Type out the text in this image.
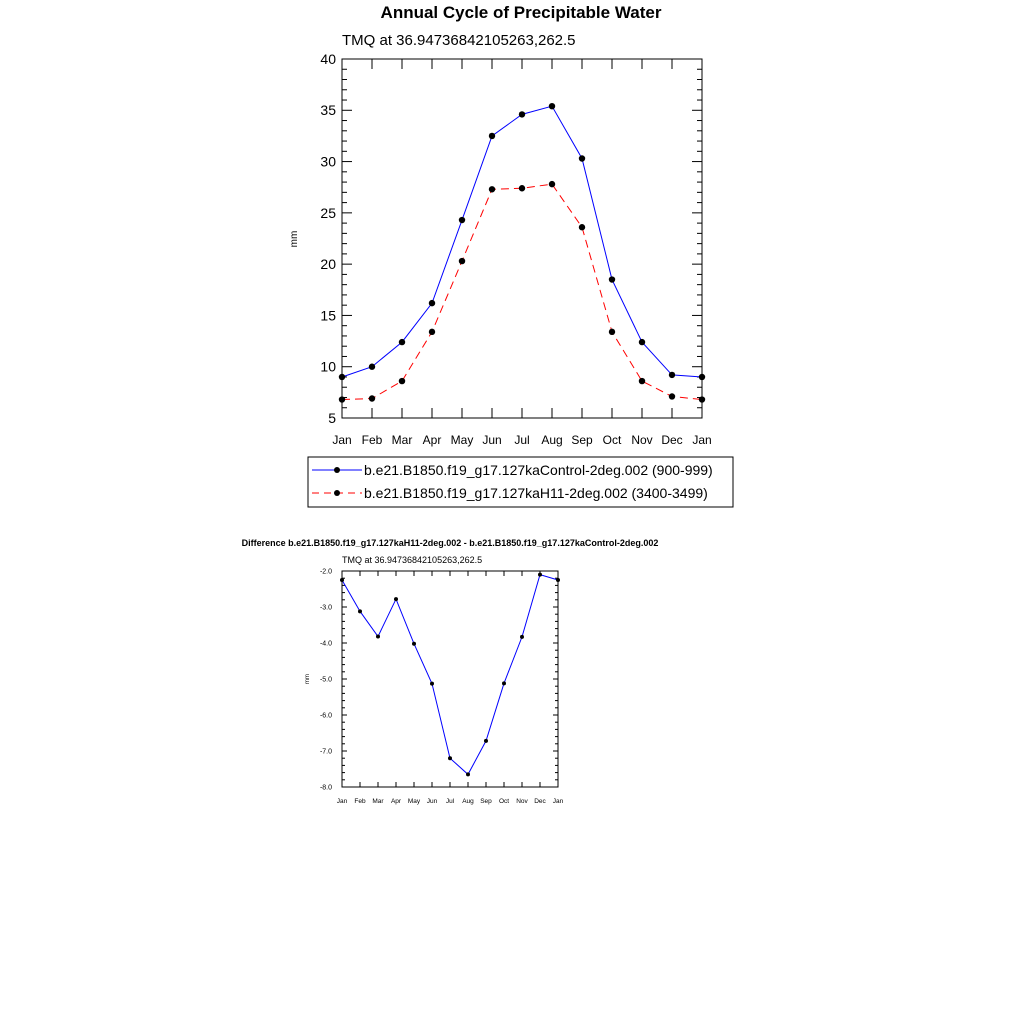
Annual Cycle of Precipitable Water
TMQ at 36.94736842105263,262.5
mm
Jan Feb Mar Apr May Jun Jul Aug Sep Oct Nov Dec Jan
5
10
15
20
25
30
35
40
b.e21.B1850.f19_g17.127kaControl-2deg.002 (900-999)
b.e21.B1850.f19_g17.127kaH11-2deg.002 (3400-3499)
Difference b.e21.B1850.f19_g17.127kaH11-2deg.002 - b.e21.B1850.f19_g17.127kaControl-2deg.002
TMQ at 36.94736842105263,262.5
mm
Jan Feb Mar Apr May Jun Jul Aug Sep Oct Nov Dec Jan
-8.0
-7.0
-6.0
-5.0
-4.0
-3.0
-2.0
